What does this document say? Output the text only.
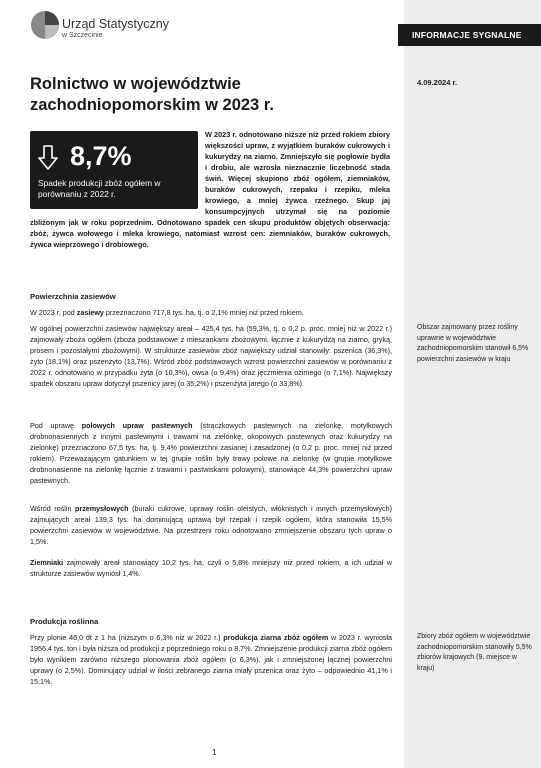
Urząd Statystyczny
w Szczecinie	INFORMACJE SYGNALNE
Rolnictwo w województwie zachodniopomorskim w 2023 r.
4.09.2024 r.
W 2023 r. odnotowano niższe niż przed rokiem zbiory większości upraw, z wyjątkiem buraków cukrowych i kukurydzy na ziarno. Zmniejszyło się pogłowie bydła i drobiu, ale wzrosła nieznacznie liczebność stada świń. Więcej skupiono zbóż ogółem, ziemniaków, buraków cukrowych, rzepaku i rzepiku, mleka krowiego, a mniej żywca rzeźnego. Skup jaj konsumpcyjnych utrzymał się na poziomie zbliżonym jak w roku poprzednim. Odnotowano spadek cen skupu produktów objętych obserwacją: zbóż, żywca wołowego i mleka krowiego, natomiast wzrost cen: ziemniaków, buraków cukrowych, żywca wieprzowego i drobiowego.
8,7%
Spadek produkcji zbóż ogółem w porównaniu z 2022 r.
Powierzchnia zasiewów

W 2023 r. pod zasiewy przeznaczono 717,8 tys. ha, tj. o 2,1% mniej niż przed rokiem.

W ogólnej powierzchni zasiewów największy areał – 425,4 tys. ha (59,3%, tj. o 0,2 p. proc. mniej niż w 2022 r.) zajmowały zboża ogółem (zboża podstawowe z mieszankami zbożowymi, łącznie z kukurydzą na ziarno, gryką, prosem i pozostałymi zbożowymi). W strukturze zasiewów zbóż największy udział stanowiły: pszenica (36,3%), żyto (18,1%) oraz pszenżyto (13,7%). Wśród zbóż podstawowych wzrost powierzchni zasiewów w porównaniu z 2022 r. odnotowano w przypadku żyta (o 10,3%), owsa (o 9,4%) oraz jęczmienia ozimego (o 7,1%). Największy spadek obszaru upraw dotyczył pszenicy jarej (o 35,2%) i pszenżyta jarego (o 33,8%).

Pod uprawę polowych upraw pastewnych (strączkowych pastewnych na zielonkę, motylkowych drobnonasiennych z innymi pastewnymi i trawami na zielonkę, okopowych pastewnych oraz kukurydzy na zielonkę) przeznaczono 67,5 tys. ha, tj. 9,4% powierzchni zasianej i zasadzonej (o 0,2 p. proc. mniej niż przed rokiem). Przeważającym gatunkiem w tej grupie roślin były trawy polowe na zielonkę (w grupie motylkowe drobnonasienne na zielonkę łącznie z trawami i pastwiskami polowymi), stanowiące 44,3% powierzchni upraw pastewnych.

Wśród roślin przemysłowych (buraki cukrowe, uprawy roślin oleistych, włóknistych i innych przemysłowych) zajmujących areał 139,3 tys. ha dominującą uprawą był rzepak i rzepik ogółem, która stanowiła 15,5% powierzchni zasiewów w województwie. Na przestrzeni roku odnotowano zmniejszenie obszaru tych upraw o 1,5%.

Ziemniaki zajmowały areał stanowiący 10,2 tys. ha, czyli o 5,8% mniejszy niż przed rokiem, a ich udział w strukturze zasiewów wyniósł 1,4%.

Produkcja roślinna

Przy plonie 46,0 dt z 1 ha (niższym o 6,3% niż w 2022 r.) produkcja ziarna zbóż ogółem w 2023 r. wyniosła 1956,4 tys. ton i była niższa od produkcji z poprzedniego roku o 8,7%. Zmniejszenie produkcji ziarna zbóż ogółem było wynikiem zarówno niższego plonowania zbóż ogółem (o 6,3%), jak i zmniejszonej łącznej powierzchni uprawy (o 2,5%). Dominujący udział w ilości zebranego ziarna miały pszenica oraz żyto – odpowiednio 41,1% i 15,1%.

Obszar zajmowany przez rośliny uprawne w województwie zachodniopomorskim stanowił 6,5% powierzchni zasiewów w kraju

Zbiory zbóż ogółem w województwie zachodniopomorskim stanowiły 5,5% zbiorów krajowych (9. miejsce w kraju)

1
